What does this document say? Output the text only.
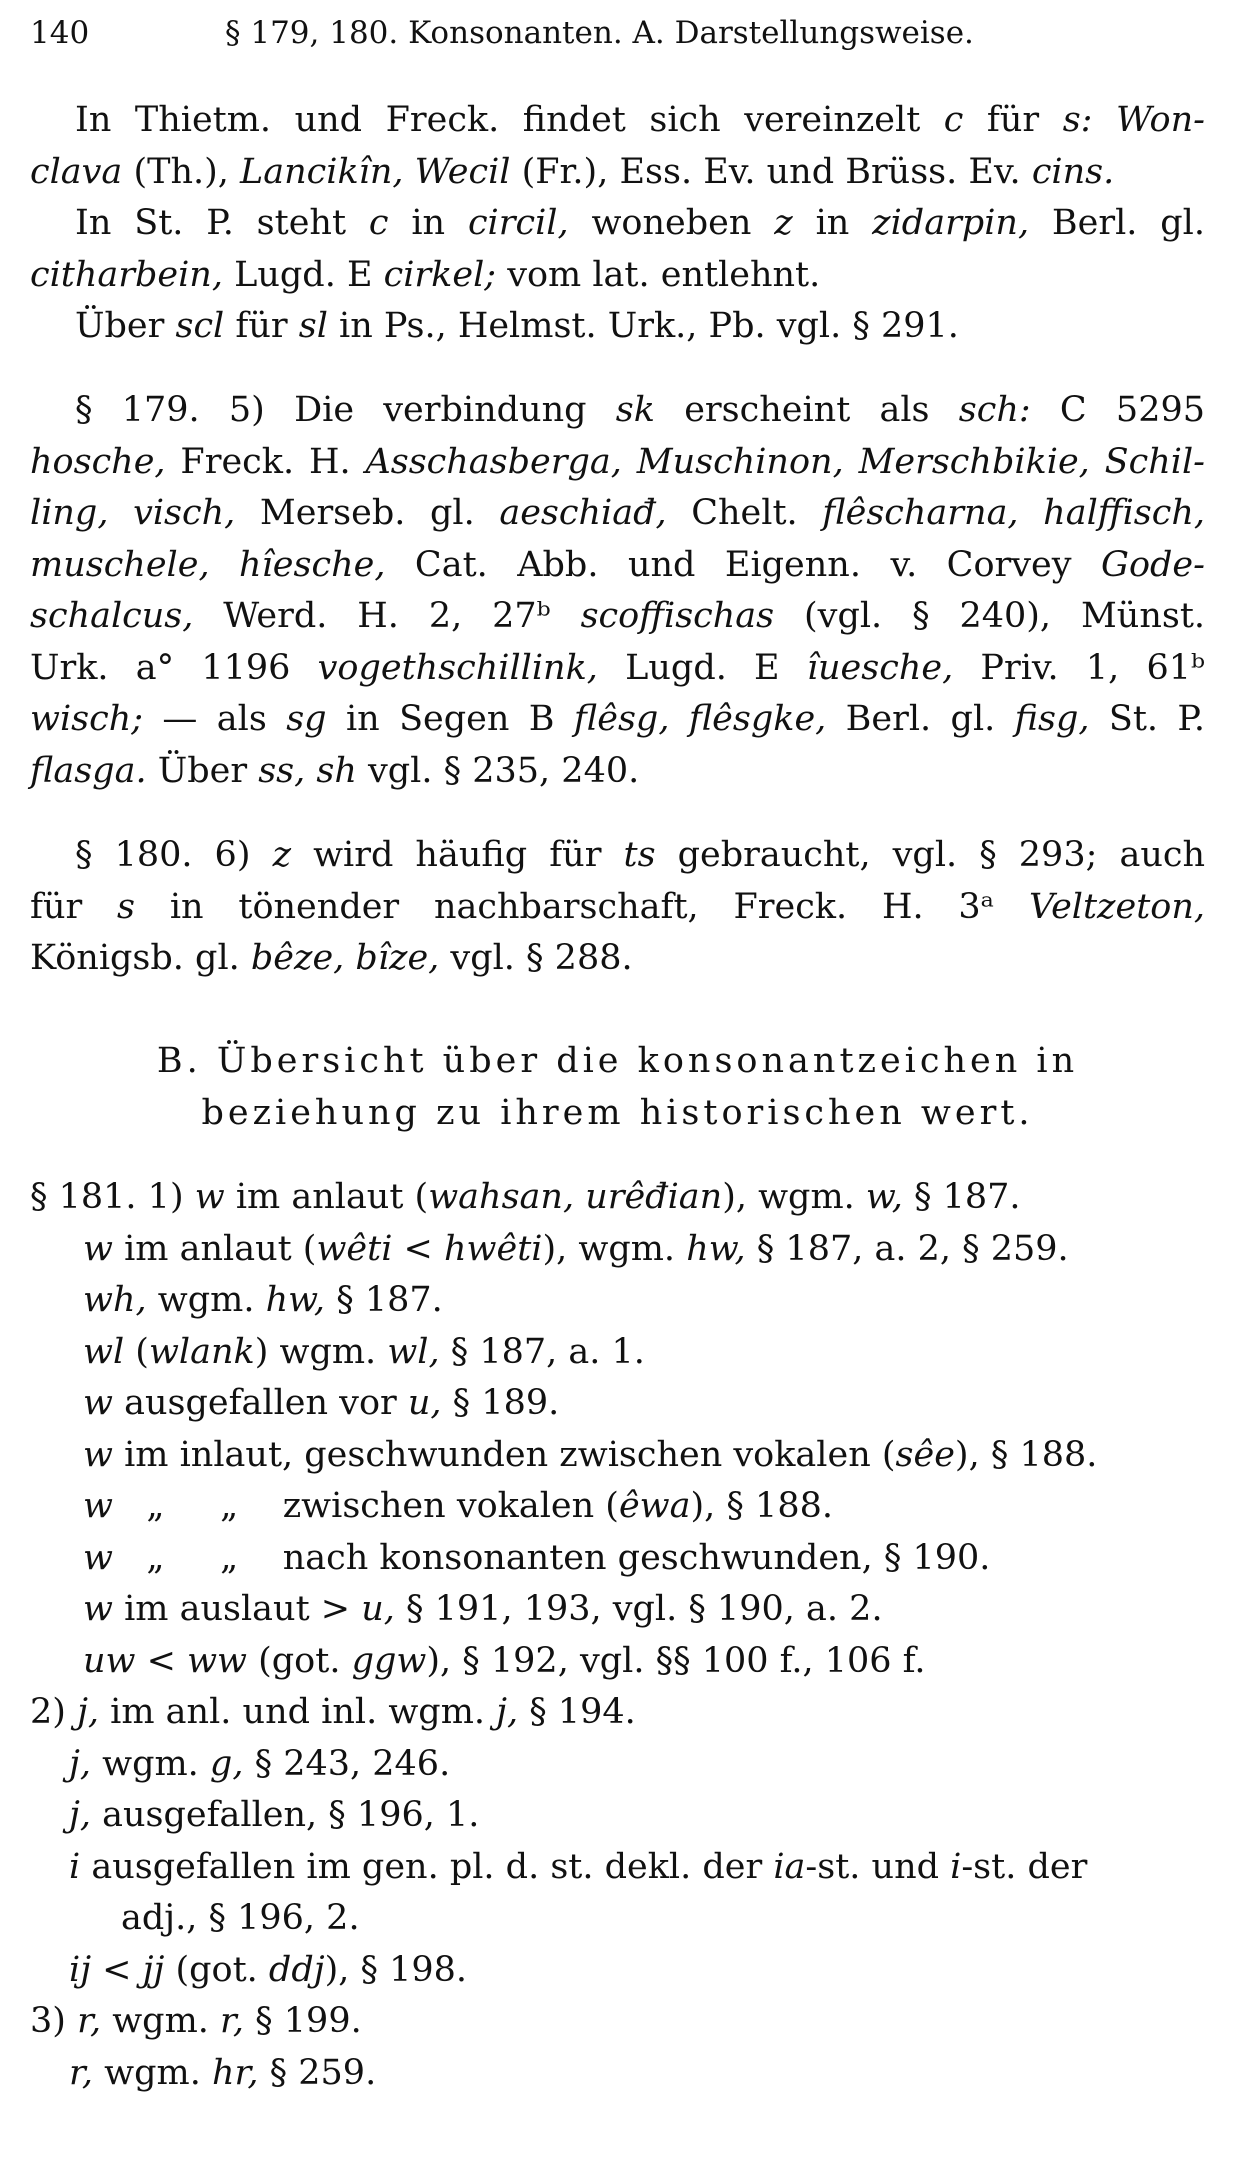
140	§ 179, 180. Konsonanten. A. Darstellungsweise.
In Thietm. und Freck. findet sich vereinzelt c für s: Won-
clava (Th.), Lancikîn, Wecil (Fr.), Ess. Ev. und Brüss. Ev. cins.
In St. P. steht c in circil, woneben z in zidarpin, Berl. gl.
citharbein, Lugd. E cirkel; vom lat. entlehnt.
Über scl für sl in Ps., Helmst. Urk., Pb. vgl. § 291.
§ 179. 5) Die verbindung sk erscheint als sch: C 5295
hosche, Freck. H. Asschasberga, Muschinon, Merschbikie, Schil-
ling, visch, Merseb. gl. aeschiađ, Chelt. flêscharna, halffisch,
muschele, hîesche, Cat. Abb. und Eigenn. v. Corvey Gode-
schalcus, Werd. H. 2, 27ᵇ scoffischas (vgl. § 240), Münst.
Urk. a° 1196 vogethschillink, Lugd. E îuesche, Priv. 1, 61ᵇ
wisch; — als sg in Segen B flêsg, flêsgke, Berl. gl. fisg, St. P.
flasga. Über ss, sh vgl. § 235, 240.
§ 180. 6) z wird häufig für ts gebraucht, vgl. § 293; auch
für s in tönender nachbarschaft, Freck. H. 3ᵃ Veltzeton,
Königsb. gl. bêze, bîze, vgl. § 288.
B. Übersicht über die konsonantzeichen in
beziehung zu ihrem historischen wert.
§ 181. 1) w im anlaut (wahsan, urêđian), wgm. w, § 187.
w im anlaut (wêti < hwêti), wgm. hw, § 187, a. 2, § 259.
wh, wgm. hw, § 187.
wl (wlank) wgm. wl, § 187, a. 1.
w ausgefallen vor u, § 189.
w im inlaut, geschwunden zwischen vokalen (sêe), § 188.
w   „     „    zwischen vokalen (êwa), § 188.
w   „     „    nach konsonanten geschwunden, § 190.
w im auslaut > u, § 191, 193, vgl. § 190, a. 2.
uw < ww (got. ggw), § 192, vgl. §§ 100 f., 106 f.
2) j, im anl. und inl. wgm. j, § 194.
j, wgm. g, § 243, 246.
j, ausgefallen, § 196, 1.
i ausgefallen im gen. pl. d. st. dekl. der ia-st. und i-st. der
adj., § 196, 2.
ij < jj (got. ddj), § 198.
3) r, wgm. r, § 199.
r, wgm. hr, § 259.
